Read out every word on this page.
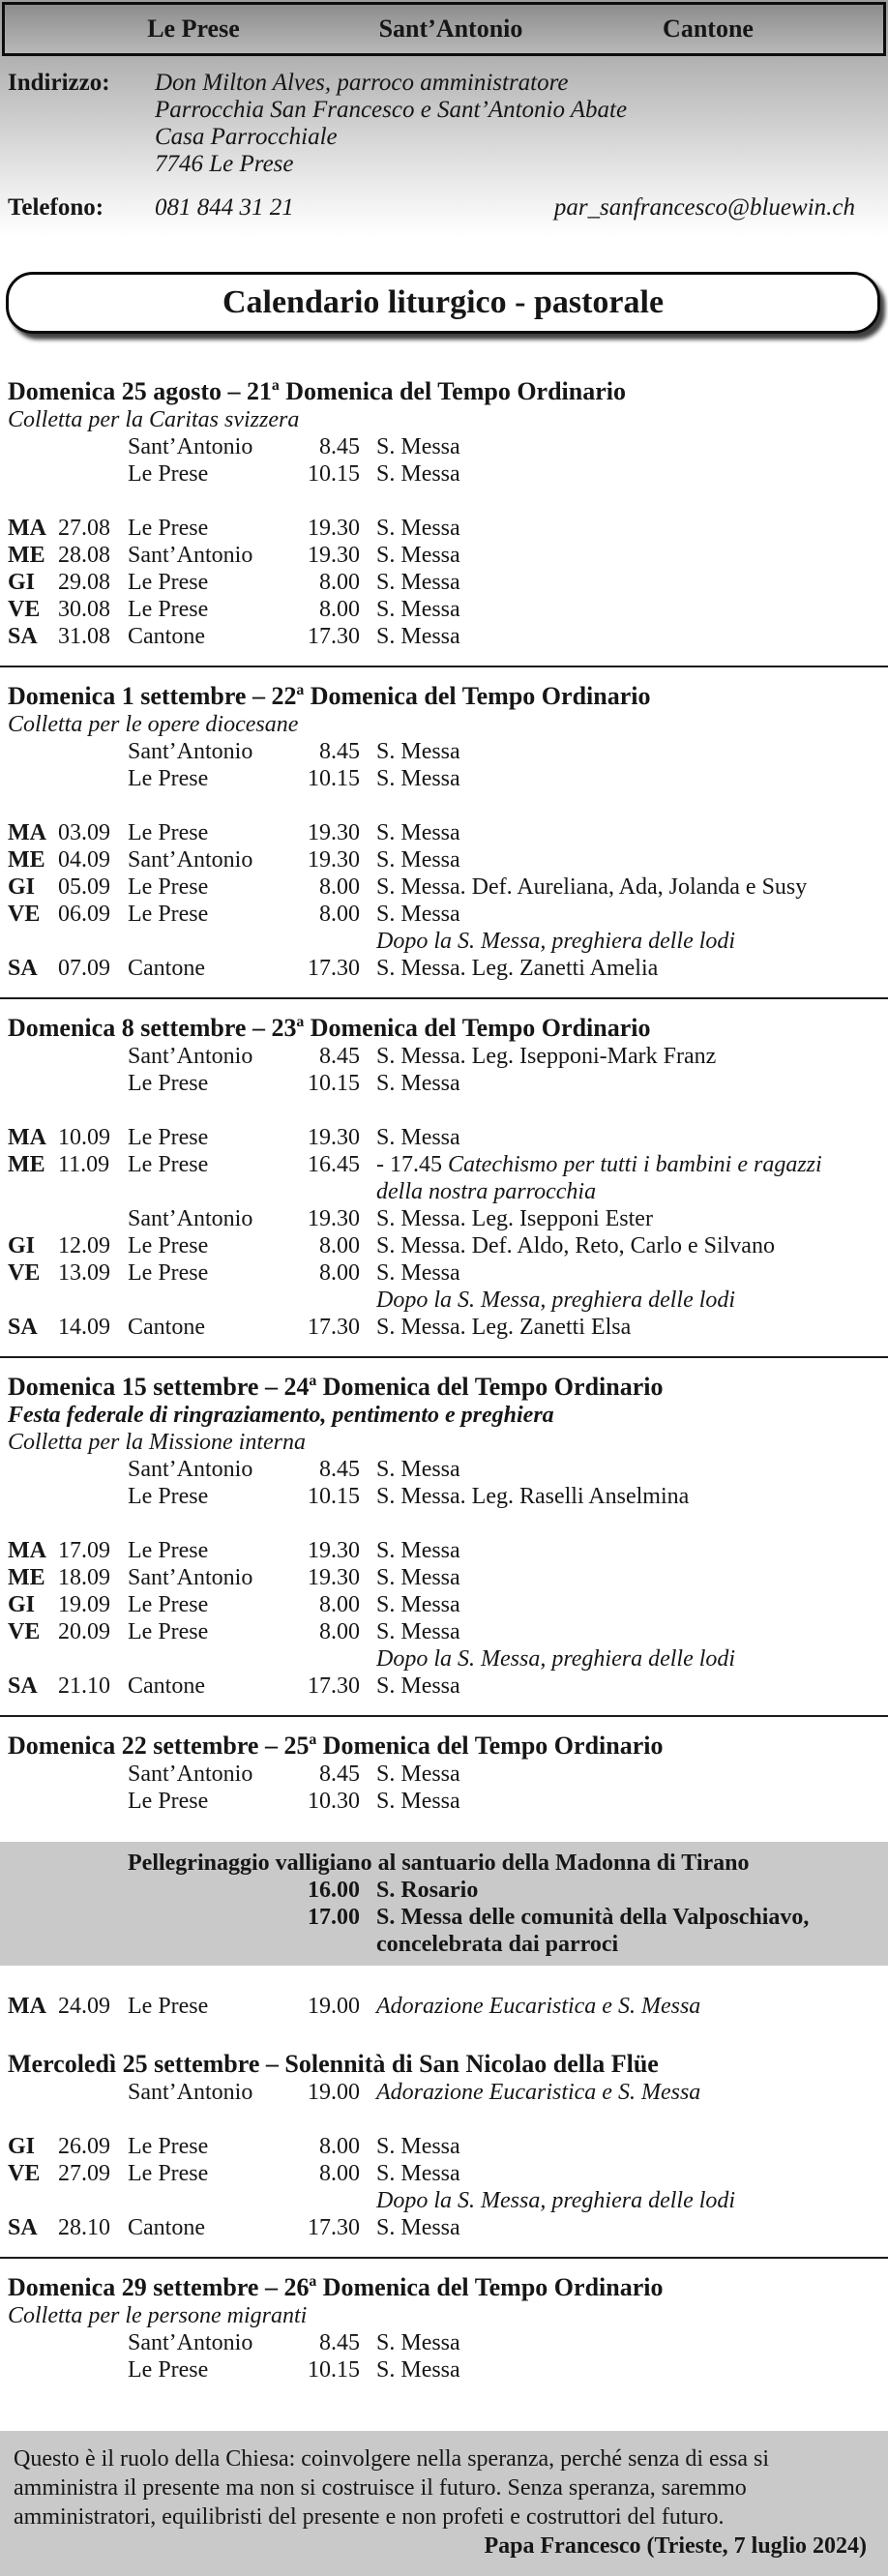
Le Prese	Sant’Antonio	Cantone
Indirizzo:	Don Milton Alves, parroco amministratore
Parrocchia San Francesco e Sant’Antonio Abate
Casa Parrocchiale
7746 Le Prese
Telefono:	081 844 31 21	par_sanfrancesco@bluewin.ch
Calendario liturgico - pastorale
Domenica 25 agosto – 21ª Domenica del Tempo Ordinario
Colletta per la Caritas svizzera
Sant’Antonio	8.45 S. Messa
Le Prese	10.15 S. Messa
MA 27.08 Le Prese	19.30 S. Messa
ME 28.08 Sant’Antonio	19.30 S. Messa
GI 29.08 Le Prese	8.00 S. Messa
VE 30.08 Le Prese	8.00 S. Messa
SA 31.08 Cantone	17.30 S. Messa
Domenica 1 settembre – 22ª Domenica del Tempo Ordinario
Colletta per le opere diocesane
Sant’Antonio	8.45 S. Messa
Le Prese	10.15 S. Messa
MA 03.09 Le Prese	19.30 S. Messa
ME 04.09 Sant’Antonio	19.30 S. Messa
GI 05.09 Le Prese	8.00 S. Messa. Def. Aureliana, Ada, Jolanda e Susy
VE 06.09 Le Prese	8.00 S. Messa
Dopo la S. Messa, preghiera delle lodi
SA 07.09 Cantone	17.30 S. Messa. Leg. Zanetti Amelia
Domenica 8 settembre – 23ª Domenica del Tempo Ordinario
Sant’Antonio	8.45 S. Messa. Leg. Isepponi-Mark Franz
Le Prese	10.15 S. Messa
MA 10.09 Le Prese	19.30 S. Messa
ME 11.09 Le Prese	16.45 - 17.45 Catechismo per tutti i bambini e ragazzi
della nostra parrocchia
Sant’Antonio	19.30 S. Messa. Leg. Isepponi Ester
GI 12.09 Le Prese	8.00 S. Messa. Def. Aldo, Reto, Carlo e Silvano
VE 13.09 Le Prese	8.00 S. Messa
Dopo la S. Messa, preghiera delle lodi
SA 14.09 Cantone	17.30 S. Messa. Leg. Zanetti Elsa
Domenica 15 settembre – 24ª Domenica del Tempo Ordinario
Festa federale di ringraziamento, pentimento e preghiera
Colletta per la Missione interna
Sant’Antonio	8.45 S. Messa
Le Prese	10.15 S. Messa. Leg. Raselli Anselmina
MA 17.09 Le Prese	19.30 S. Messa
ME 18.09 Sant’Antonio	19.30 S. Messa
GI 19.09 Le Prese	8.00 S. Messa
VE 20.09 Le Prese	8.00 S. Messa
Dopo la S. Messa, preghiera delle lodi
SA 21.10 Cantone	17.30 S. Messa
Domenica 22 settembre – 25ª Domenica del Tempo Ordinario
Sant’Antonio	8.45 S. Messa
Le Prese	10.30 S. Messa
Pellegrinaggio valligiano al santuario della Madonna di Tirano
16.00 S. Rosario
17.00 S. Messa delle comunità della Valposchiavo,
concelebrata dai parroci
MA 24.09 Le Prese	19.00 Adorazione Eucaristica e S. Messa
Mercoledì 25 settembre – Solennità di San Nicolao della Flüe
Sant’Antonio	19.00 Adorazione Eucaristica e S. Messa
GI 26.09 Le Prese	8.00 S. Messa
VE 27.09 Le Prese	8.00 S. Messa
Dopo la S. Messa, preghiera delle lodi
SA 28.10 Cantone	17.30 S. Messa
Domenica 29 settembre – 26ª Domenica del Tempo Ordinario
Colletta per le persone migranti
Sant’Antonio	8.45 S. Messa
Le Prese	10.15 S. Messa
Questo è il ruolo della Chiesa: coinvolgere nella speranza, perché senza di essa si amministra il presente ma non si costruisce il futuro. Senza speranza, saremmo amministratori, equilibristi del presente e non profeti e costruttori del futuro.
Papa Francesco (Trieste, 7 luglio 2024)
